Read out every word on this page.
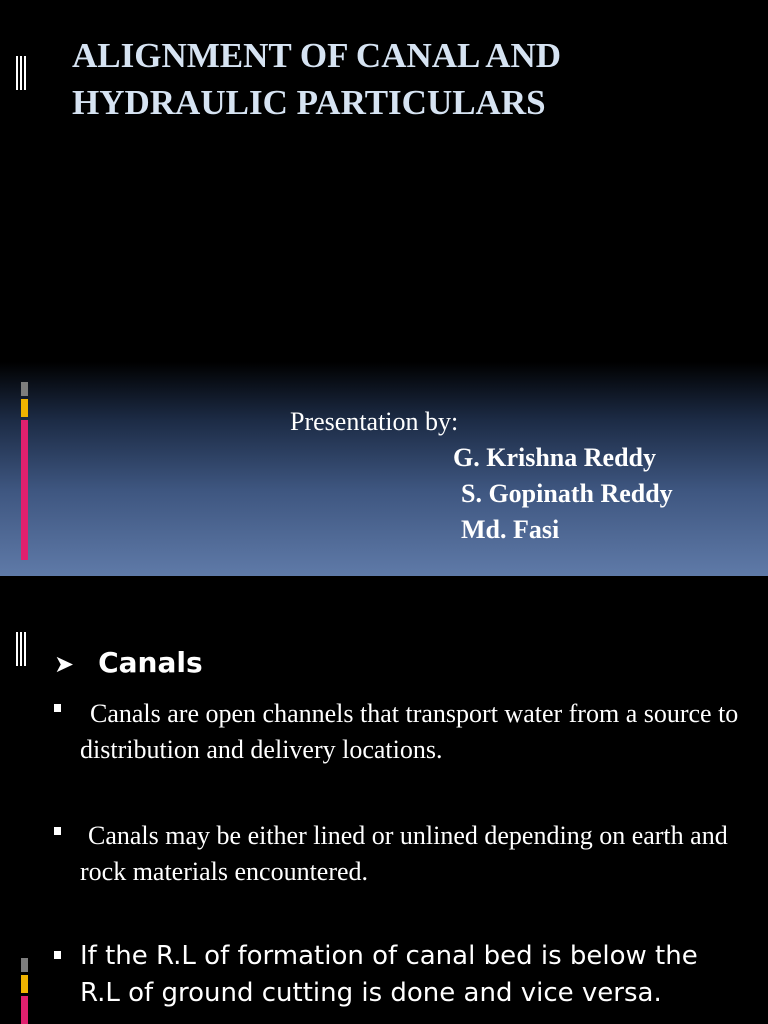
ALIGNMENT OF CANAL AND HYDRAULIC PARTICULARS
Presentation by:
G. Krishna Reddy
S. Gopinath Reddy
Md. Fasi
➤ Canals
Canals are open channels that transport water from a source to distribution and delivery locations.
Canals may be either lined or unlined depending on earth and rock materials encountered.
If the R.L of formation of canal bed is below the R.L of ground cutting is done and vice versa.
